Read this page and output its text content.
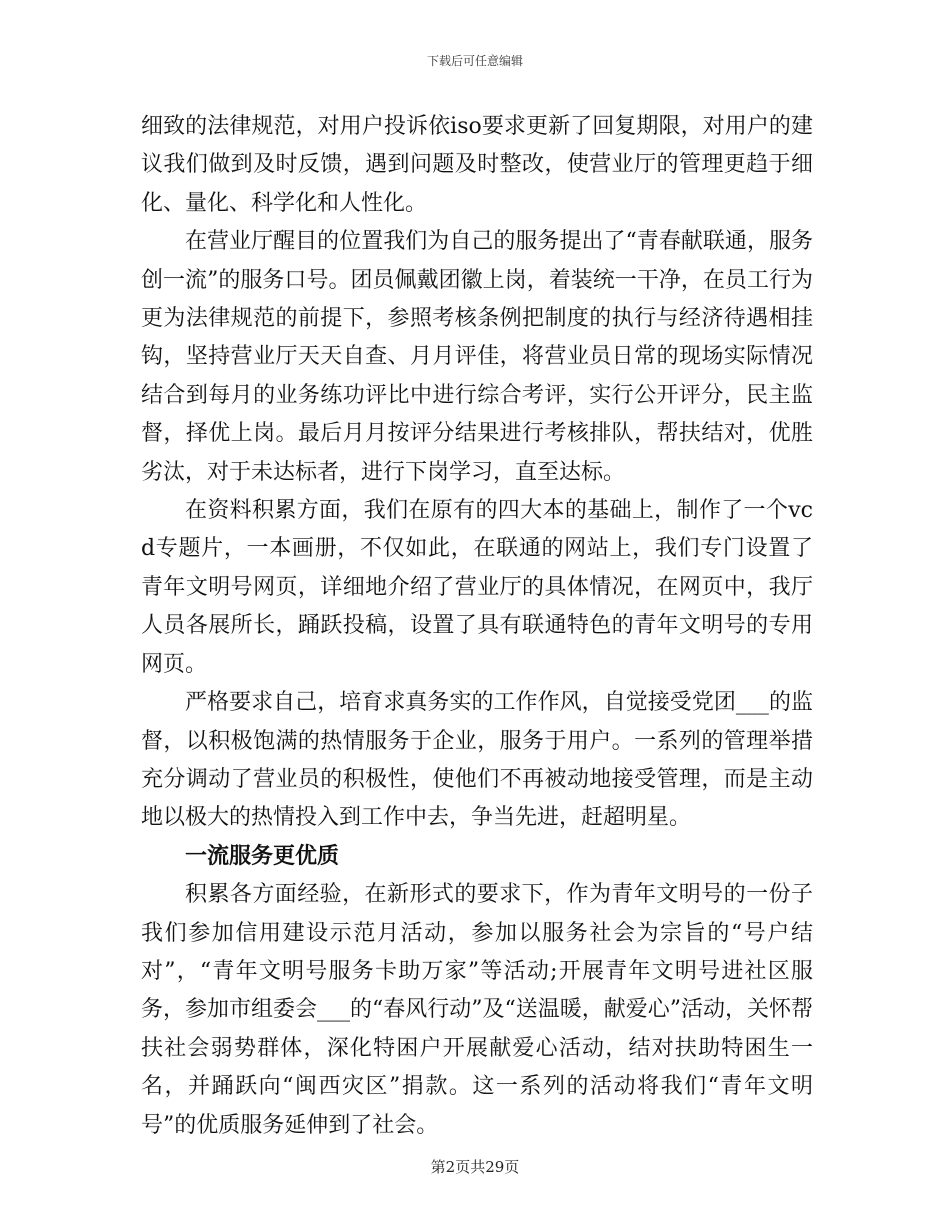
下载后可任意编辑

细致的法律规范，对用户投诉依iso要求更新了回复期限，对用户的建议我们做到及时反馈，遇到问题及时整改，使营业厅的管理更趋于细化、量化、科学化和人性化。

在营业厅醒目的位置我们为自己的服务提出了“青春献联通，服务创一流”的服务口号。团员佩戴团徽上岗，着装统一干净，在员工行为更为法律规范的前提下，参照考核条例把制度的执行与经济待遇相挂钩，坚持营业厅天天自查、月月评佳，将营业员日常的现场实际情况结合到每月的业务练功评比中进行综合考评，实行公开评分，民主监督，择优上岗。最后月月按评分结果进行考核排队，帮扶结对，优胜劣汰，对于未达标者，进行下岗学习，直至达标。

在资料积累方面，我们在原有的四大本的基础上，制作了一个vcd专题片，一本画册，不仅如此，在联通的网站上，我们专门设置了青年文明号网页，详细地介绍了营业厅的具体情况，在网页中，我厅人员各展所长，踊跃投稿，设置了具有联通特色的青年文明号的专用网页。

严格要求自己，培育求真务实的工作作风，自觉接受党团___的监督，以积极饱满的热情服务于企业，服务于用户。一系列的管理举措充分调动了营业员的积极性，使他们不再被动地接受管理，而是主动地以极大的热情投入到工作中去，争当先进，赶超明星。

一流服务更优质

积累各方面经验，在新形式的要求下，作为青年文明号的一份子我们参加信用建设示范月活动，参加以服务社会为宗旨的“号户结对”，“青年文明号服务卡助万家”等活动;开展青年文明号进社区服务，参加市组委会___的“春风行动”及“送温暖，献爱心”活动，关怀帮扶社会弱势群体，深化特困户开展献爱心活动，结对扶助特困生一名，并踊跃向“闽西灾区”捐款。这一系列的活动将我们“青年文明号”的优质服务延伸到了社会。

第2页共29页
